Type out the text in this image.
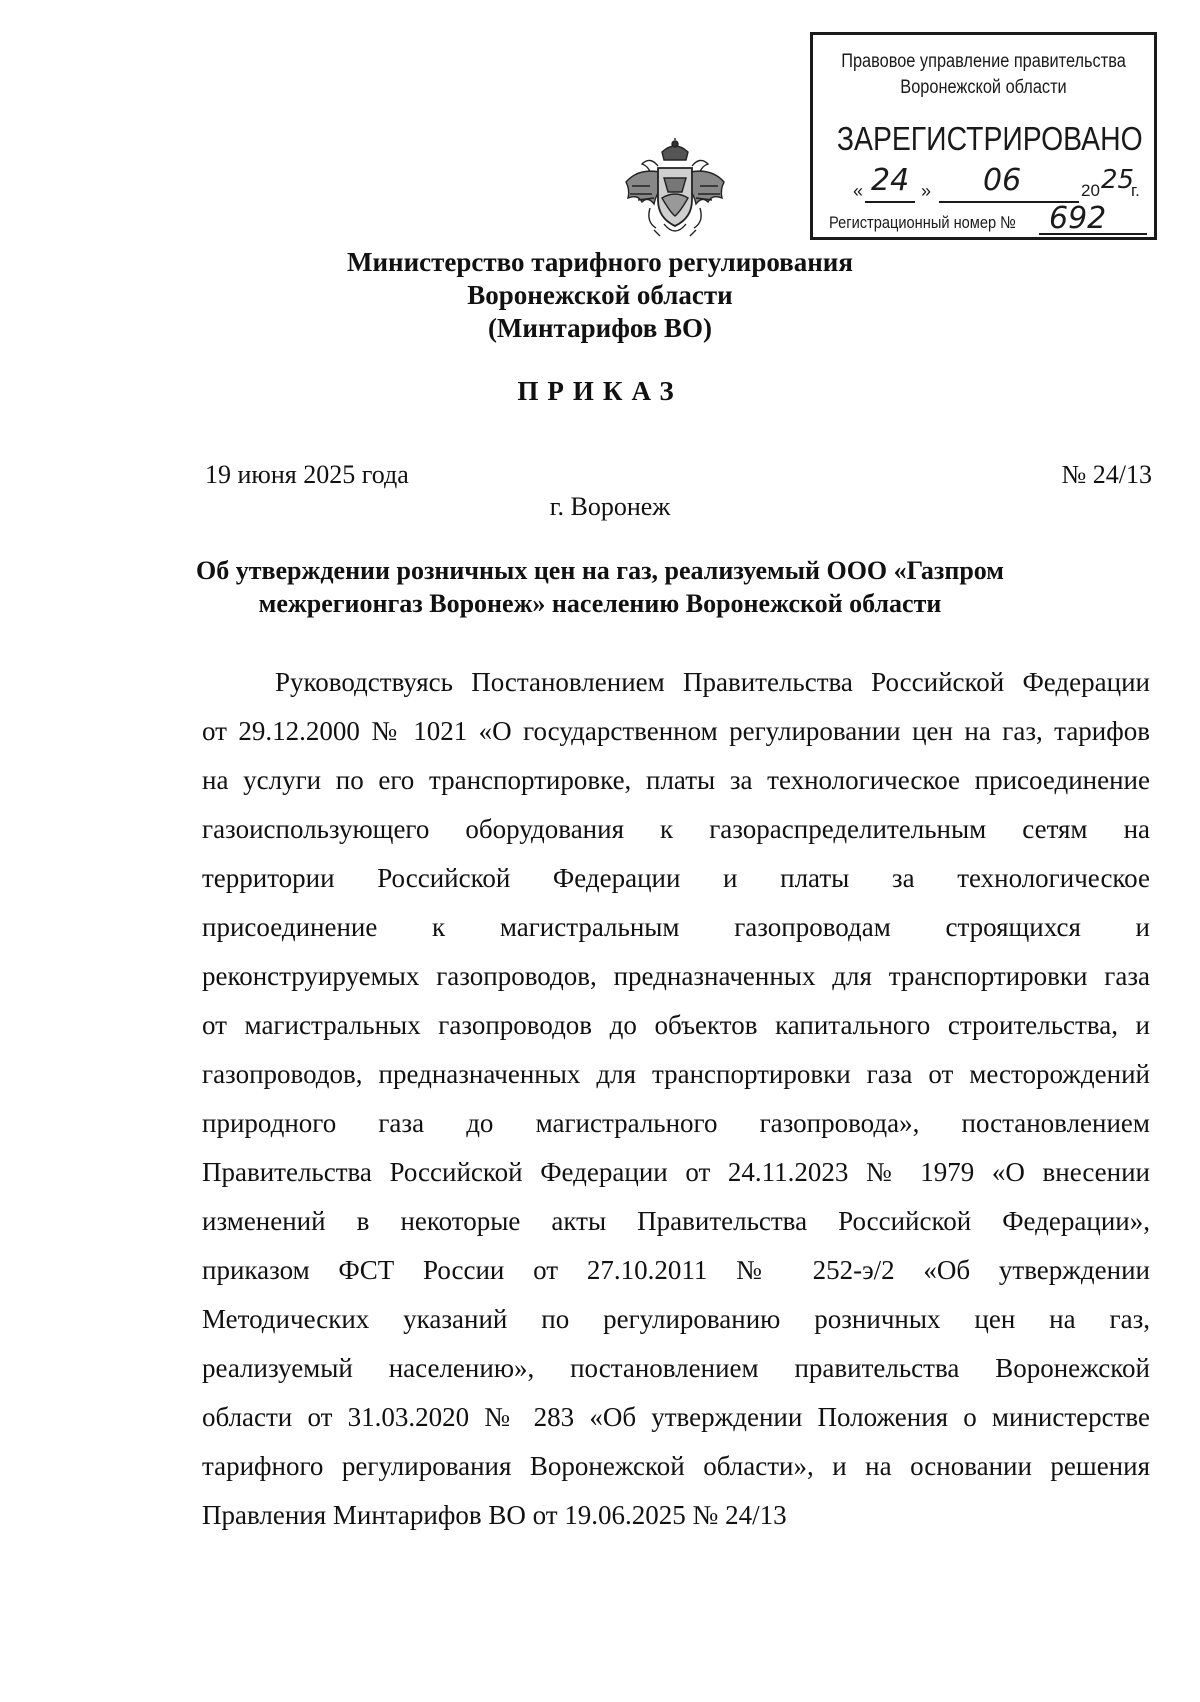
Правовое управление правительства
Воронежской области
ЗАРЕГИСТРИРОВАНО
« 24 » 06	20 25
г.
Регистрационный номер № 692
Министерство тарифного регулирования
Воронежской области
(Минтарифов ВО)
ПРИКАЗ
19 июня 2025 года	№ 24/13
г. Воронеж
Об утверждении розничных цен на газ, реализуемый ООО «Газпром
межрегионгаз Воронеж» населению Воронежской области
Руководствуясь Постановлением Правительства Российской Федерации
от 29.12.2000 № 1021 «О государственном регулировании цен на газ, тарифов
на услуги по его транспортировке, платы за технологическое присоединение
газоиспользующего оборудования к газораспределительным сетям на
территории Российской Федерации и платы за технологическое
присоединение к магистральным газопроводам строящихся и
реконструируемых газопроводов, предназначенных для транспортировки газа
от магистральных газопроводов до объектов капитального строительства, и
газопроводов, предназначенных для транспортировки газа от месторождений
природного газа до магистрального газопровода», постановлением
Правительства Российской Федерации от 24.11.2023 № 1979 «О внесении
изменений в некоторые акты Правительства Российской Федерации»,
приказом ФСТ России от 27.10.2011 № 252-э/2 «Об утверждении
Методических указаний по регулированию розничных цен на газ,
реализуемый населению», постановлением правительства Воронежской
области от 31.03.2020 № 283 «Об утверждении Положения о министерстве
тарифного регулирования Воронежской области», и на основании решения
Правления Минтарифов ВО от 19.06.2025 № 24/13
